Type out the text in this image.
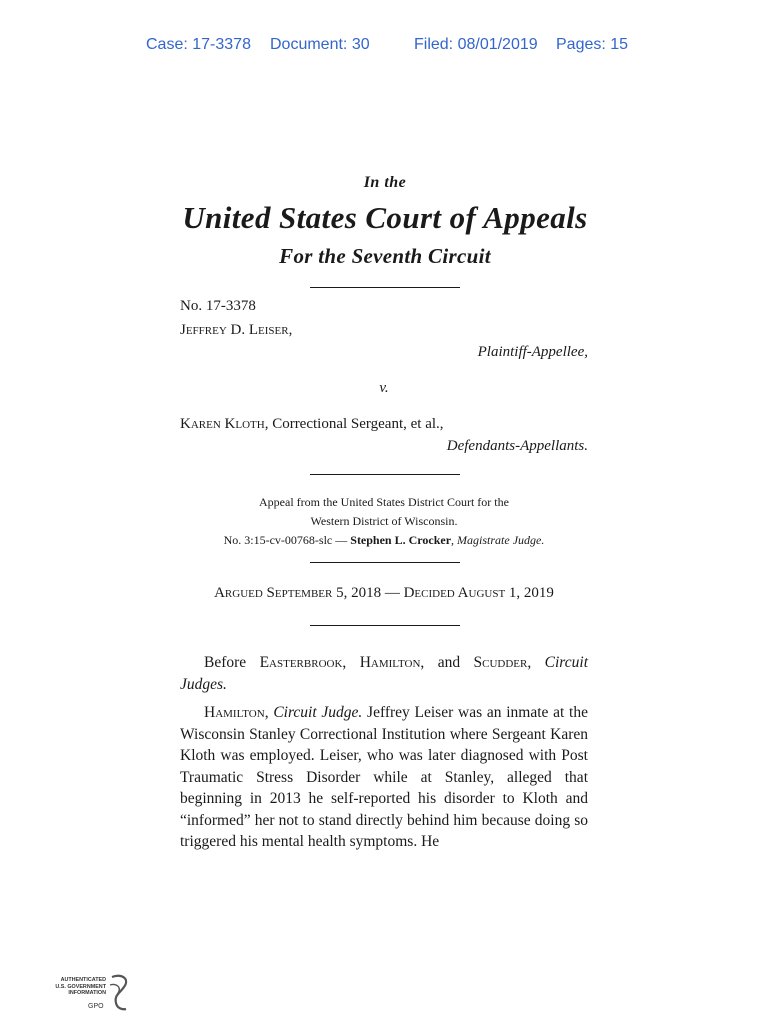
Case: 17-3378 Document: 30	Filed: 08/01/2019 Pages: 15
In the
United States Court of Appeals
For the Seventh Circuit
No. 17-3378
Jeffrey D. Leiser,
Plaintiff-Appellee,
v.
Karen Kloth, Correctional Sergeant, et al.,
Defendants-Appellants.
Appeal from the United States District Court for the
Western District of Wisconsin.
No. 3:15-cv-00768-slc — Stephen L. Crocker, Magistrate Judge.
Argued September 5, 2018 — Decided August 1, 2019
Before Easterbrook, Hamilton, and Scudder, Circuit Judges.
Hamilton, Circuit Judge. Jeffrey Leiser was an inmate at the Wisconsin Stanley Correctional Institution where Sergeant Karen Kloth was employed. Leiser, who was later diagnosed with Post Traumatic Stress Disorder while at Stanley, alleged that beginning in 2013 he self-reported his disorder to Kloth and “informed” her not to stand directly behind him because doing so triggered his mental health symptoms. He
AUTHENTICATED
U.S. GOVERNMENT
INFORMATION
GPO
